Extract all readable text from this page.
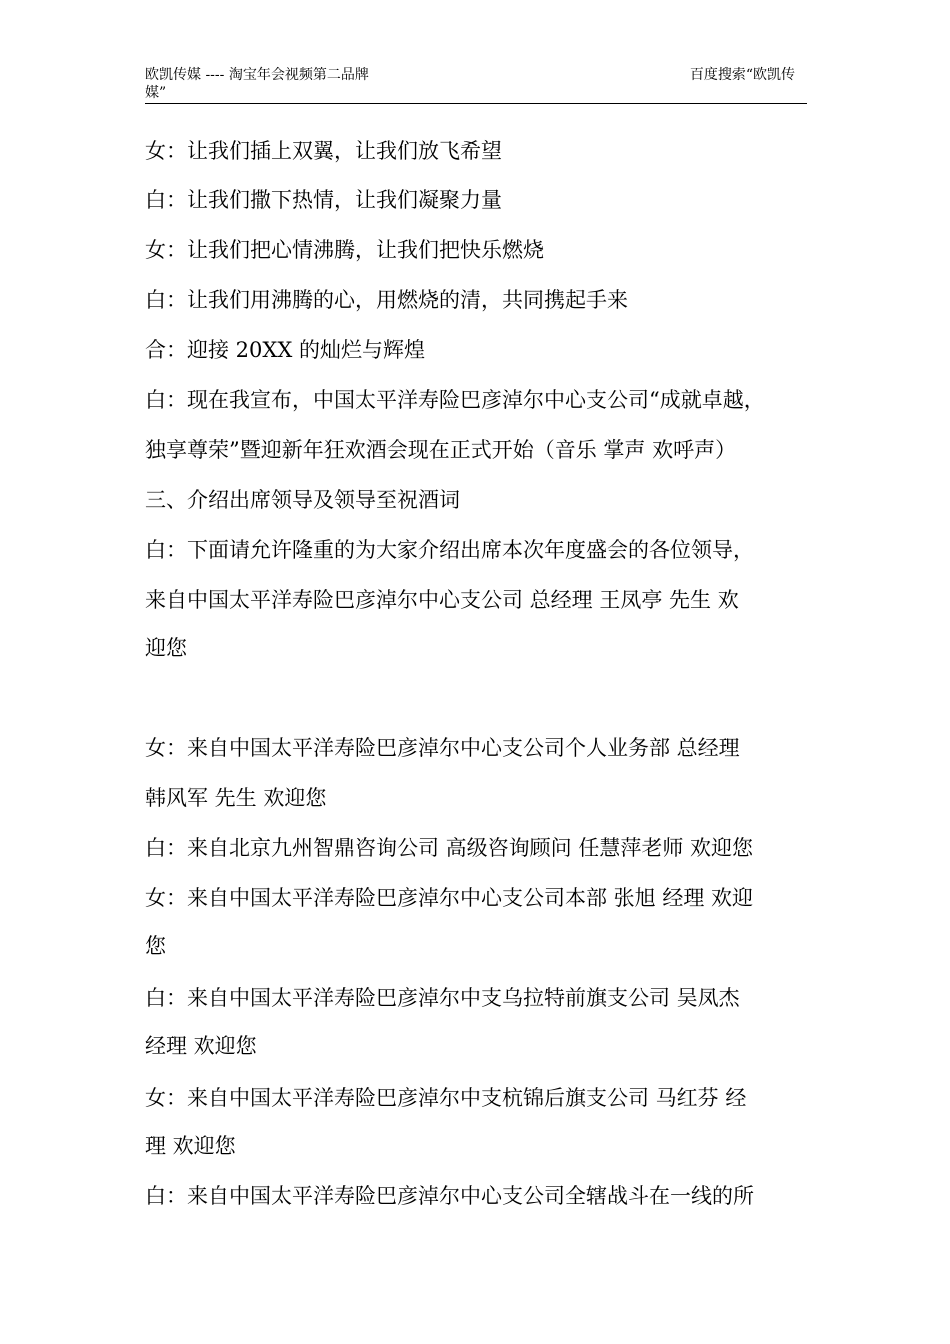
欧凯传媒 ---- 淘宝年会视频第二品牌媒”
百度搜索“欧凯传
女：让我们插上双翼，让我们放飞希望
白：让我们撒下热情，让我们凝聚力量
女：让我们把心情沸腾，让我们把快乐燃烧
白：让我们用沸腾的心，用燃烧的清，共同携起手来
合：迎接 20XX 的灿烂与辉煌
白：现在我宣布，中国太平洋寿险巴彦淖尔中心支公司“成就卓越，
独享尊荣”暨迎新年狂欢酒会现在正式开始（音乐 掌声 欢呼声）
三、介绍出席领导及领导至祝酒词
白：下面请允许隆重的为大家介绍出席本次年度盛会的各位领导，
来自中国太平洋寿险巴彦淖尔中心支公司 总经理 王凤亭 先生 欢
迎您
女：来自中国太平洋寿险巴彦淖尔中心支公司个人业务部 总经理
韩风军 先生 欢迎您
白：来自北京九州智鼎咨询公司 高级咨询顾问 任慧萍老师 欢迎您
女：来自中国太平洋寿险巴彦淖尔中心支公司本部 张旭 经理 欢迎
您
白：来自中国太平洋寿险巴彦淖尔中支乌拉特前旗支公司 吴凤杰
经理 欢迎您
女：来自中国太平洋寿险巴彦淖尔中支杭锦后旗支公司 马红芬 经
理 欢迎您
白：来自中国太平洋寿险巴彦淖尔中心支公司全辖战斗在一线的所
